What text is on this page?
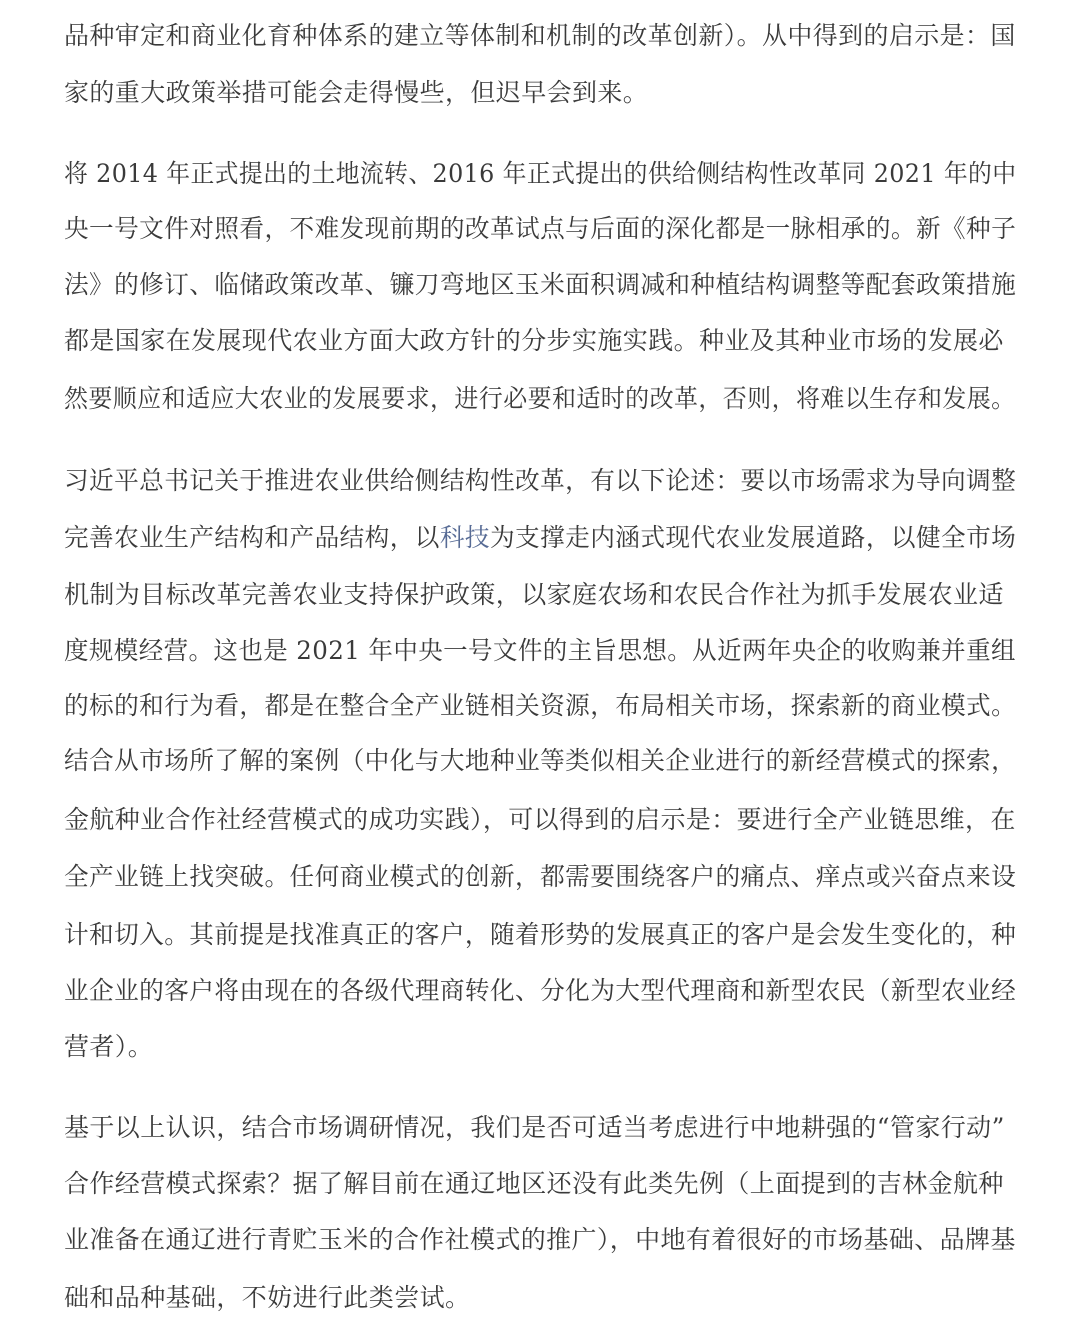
品种审定和商业化育种体系的建立等体制和机制的改革创新）。从中得到的启示是：国
家的重大政策举措可能会走得慢些，但迟早会到来。
将 2014 年正式提出的土地流转、2016 年正式提出的供给侧结构性改革同 2021 年的中
央一号文件对照看，不难发现前期的改革试点与后面的深化都是一脉相承的。新《种子
法》的修订、临储政策改革、镰刀弯地区玉米面积调减和种植结构调整等配套政策措施
都是国家在发展现代农业方面大政方针的分步实施实践。种业及其种业市场的发展必
然要顺应和适应大农业的发展要求，进行必要和适时的改革，否则，将难以生存和发展。
习近平总书记关于推进农业供给侧结构性改革，有以下论述：要以市场需求为导向调整
完善农业生产结构和产品结构，以科技为支撑走内涵式现代农业发展道路，以健全市场
机制为目标改革完善农业支持保护政策，以家庭农场和农民合作社为抓手发展农业适
度规模经营。这也是 2021 年中央一号文件的主旨思想。从近两年央企的收购兼并重组
的标的和行为看，都是在整合全产业链相关资源，布局相关市场，探索新的商业模式。
结合从市场所了解的案例（中化与大地种业等类似相关企业进行的新经营模式的探索，
金航种业合作社经营模式的成功实践），可以得到的启示是：要进行全产业链思维，在
全产业链上找突破。任何商业模式的创新，都需要围绕客户的痛点、痒点或兴奋点来设
计和切入。其前提是找准真正的客户，随着形势的发展真正的客户是会发生变化的，种
业企业的客户将由现在的各级代理商转化、分化为大型代理商和新型农民（新型农业经
营者）。
基于以上认识，结合市场调研情况，我们是否可适当考虑进行中地耕强的“管家行动”
合作经营模式探索？据了解目前在通辽地区还没有此类先例（上面提到的吉林金航种
业准备在通辽进行青贮玉米的合作社模式的推广），中地有着很好的市场基础、品牌基
础和品种基础，不妨进行此类尝试。
